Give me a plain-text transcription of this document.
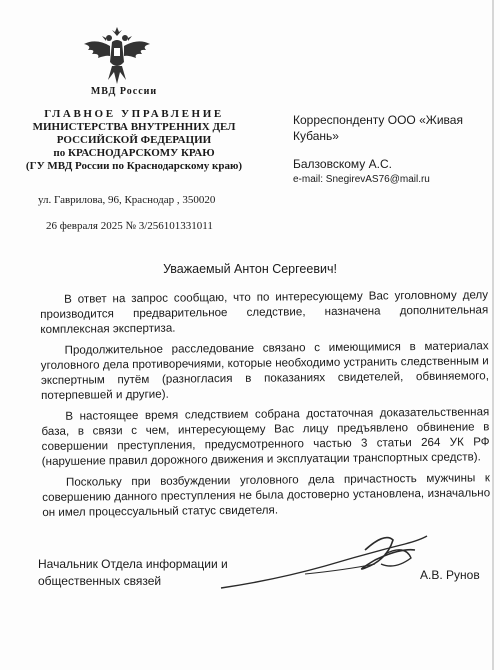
МВД России
ГЛАВНОЕ УПРАВЛЕНИЕ
МИНИСТЕРСТВА ВНУТРЕННИХ ДЕЛ
РОССИЙСКОЙ ФЕДЕРАЦИИ
по КРАСНОДАРСКОМУ КРАЮ
(ГУ МВД России по Краснодарскому краю)
ул. Гаврилова, 96, Краснодар , 350020
26 февраля 2025 № 3/256101331011
Корреспонденту ООО «Живая
Кубань»
Балзовскому А.С.
e-mail: SnegirevAS76@mail.ru
Уважаемый Антон Сергеевич!

В ответ на запрос сообщаю, что по интересующему Вас уголовному делу производится предварительное следствие, назначена дополнительная комплексная экспертиза.

Продолжительное расследование связано с имеющимися в материалах уголовного дела противоречиями, которые необходимо устранить следственным и экспертным путём (разногласия в показаниях свидетелей, обвиняемого, потерпевшей и другие).

В настоящее время следствием собрана достаточная доказательственная база, в связи с чем, интересующему Вас лицу предъявлено обвинение в совершении преступления, предусмотренного частью 3 статьи 264 УК РФ (нарушение правил дорожного движения и эксплуатации транспортных средств).

Поскольку при возбуждении уголовного дела причастность мужчины к совершению данного преступления не была достоверно установлена, изначально он имел процессуальный статус свидетеля.

Начальник Отдела информации и
общественных связей	А.В. Рунов
